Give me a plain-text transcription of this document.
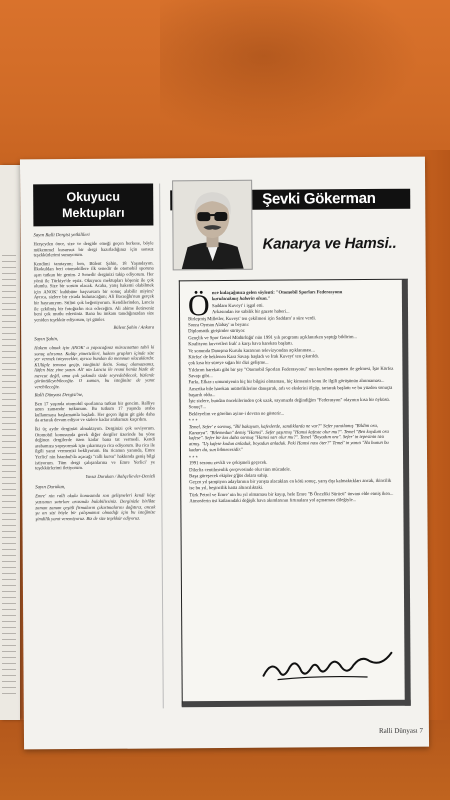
Okuyucu
Mektupları
Sayın Ralli Dergisi yetkilileri

Herşeyden önce, size ve dergide emeği geçen herkese, böyle mükemmel kusursuz bir dergi hazırladığınız için sonsuz teşekkürlerimi sunuyorum.

Kendimi tanıtayım; ben, Bülent Şahin, 18 Yaşındayım. İlkokuldan beri otomobillere ilk senedir de otomobil sporuna aşırı tutkun bir genim. 2 Senedir derginizi takip ediyorum. Her yönü ile Türkiye'de eşsiz. Okuyucu mektupları köşeniz ile çok olumlu. Size bir sorum olacak. Acaba, yarış hakemi olabilmek için ANOK' kulübüne başvursam bir sonuç alabilir miyim? Ayrıca, sizlere bir ricada bulunacağım; Ali Bacıoğlu'nun gerçek bir hayranıyım. Stilini çok beğeniyorum. Kendilerinden, Lancia ile çekilmiş bir fotoğrafın rica edeceğim. Ali abime iletirseniz beni çok mutlu edersiniz. Bana bu imkanı tanıdığınızdan size yeniden teşekkür ediyorum, iyi günler.

Bülent Şahin / Ankara

Sayın Şahin,

Hakem olmak için ANOK' a yapacağınız müracaattan tabii ki sonuç alırsınız. Kulüp yöneticileri, hakem grupları içinde size yer vermek isteyecekler, ayrıca bundan da memnun olacaklardır. KUlüple temasa geçip, isteğinizi iletin. Sonuç alamazsanız, lütfen bize yine yazın. Ali' nin Lancia ile resmi henüz bizde de mevcut değil, ama çok yakında sizde seyredebilecek, bizlerde görüntüleyebileceğiz. O zaman, bu isteğinize de yanıt verebileceğiz.

Ralli Dünyası Dergisi'ne,

Ben 17 yaşında otomobil sporlarına tutkun bir gencim. Ralliye uzun zamandır tutkunum. Bu tutkum 17 yaşında araba kullanmaya başlamamla başladı. Her geçen ilgim git gide daha da artarak devam ediyor ve sizlere kadar arabamızı kaçırdım.

İki üç aydır derginizi almaktayım. Derginizi çok seviyorum. Otomobil konusunda gerek diğer dergiler üzerinde bu yöne değinen dergilerde özen kadar bana tat vermedi. Kendi arabamıza yapıyormak için çıkarmaya rica ediyorum. Bu rica ile ilgili yanıt vermenizi bekliyorum. Bu ricamın yanında, Emre Yerlici' nin İstanbul'da açacağı "ralli kursu" hakkında geniş bilgi istiyorum. Tüm dergi çalışanlarına ve Emre Yerlici' ye teşekkürlerimi iletiyorum.

Yavuz Durukan / Bahçelievler-Denizli

Sayın Durukan,

Emre' nin ralli okulu konusunda son gelişmeleri kendi köşe yazısının satırları arasında bulabilirsiniz. Derginizle birlikte zaman zaman çeşitli firmaların çıkartmalarını dağıtırız, ancak şu an sizi böyle bir çalışmamız olmadığı için bu isteğinize şimdilik yanıt veremiyoruz. Biz de size teşekkür ediyoruz.

Şevki Gökerman
Kanarya ve Hamsi..
Ö nce kulaçağınıza gelen söylenti: "Otomobil Sporları Federasyonu

kurulacakmış haberin olsun."

Saddam Kuveyt' i işgal etti.

Arkasından ise sabilik bir gazete haberi...

Birleşmiş Milletler, Kuveyt' ten çekilmesi için Saddam' a süre verdi.

Sonra Oyman Alabay' ın beyanı:

Diplomatik girişimler sürüyor.

Gençlik ve Spor Genel Müdürlüğü' nün 1991 yılı programı açıklanırken yaptığı bildirim...

Koalisyon kuvvetleri Irak' a karşı hava harekatı başlattı.

Ve sonunda Danışma Kurulu kararının televizyondan açıklanması...

Körfez' de beklenen Kara Savaşı başladı ve Irak Kuveyt' ten çıkarıldı.

çok kısa bir süreye sığan bir dizi gelişme...

Yıldırım harekatı gibi bir şey "Otomobil Sporları Federasyonu" nun kurulma aşaması ile gelmesi, İşte Körfez Savaşı gibi...

Farkı, Efkar-ı umumiyenin hiç bir bilgisi olmaması, hiç kimsenin konu ile ilgili görüşünün alınmaması...

Amerika bile harekatı müttefiklerine danışarak, arlı ve ekslerini ölçüp, tartarak başlattı ve bu yüzden sonuçta başarılı oldu...

İşte sizlere, bundan öncekilerinden çok uzak, sayımızda değindiğim "Federasyon" olayının kısa bir öyküsü.

Sonuç?...

Bekleyelim ve görelim ayine-i devran ne gösterir...

* * *

Temel, Sefer' e sormuş, "Bil bakayum, kafeslerde, sandıklarda ne var?" Sefer yanıtlamış "Bildim ora, Kanarya". "Bilemedun" demiş "Hamsi". Sefer şaşırmış "Hamsi kafeste olur mu?". Temel "Ben koydum ora kafese". Sefer bir kez daha sormuş "Hamsi sarı olur mu?". Temel "Boyadım ora". Sefer' in tepesinin tası atmış. "Uş kafese kodun anladuk, boyadun anladuk. Peki Hamsi nası öter?" Temel' in yanıtı "Ha bunun bu kadarı da, sun bilmecesidir."

* * *

1991 sezonu zevkli ve çekişmeli geçecek.

Dilerliz centilmenlik çerçevesinde olur tüm mücadele.

Başa güreşecek ekipler g'ğüs dolara sahip.

Geçen yıl şampiyon adaylarının bir yarışta alacakları en kötü sonuç, yarış dışı kalmaktıkları ancak, ikincilik ise bu yıl, beşincilik hatta altıncılıktaki.

Türk Petrol ve Emre' nin bu yıl olmaması bir kayıp, hele Emre "B Önceliki Sürücü" ünvanı elde etmiş iken...

Atmosferin üst katlarındaki değişik hava akımlarının fırtınalara yol açmaması dileğiyle...

Ralli Dünyası 7
